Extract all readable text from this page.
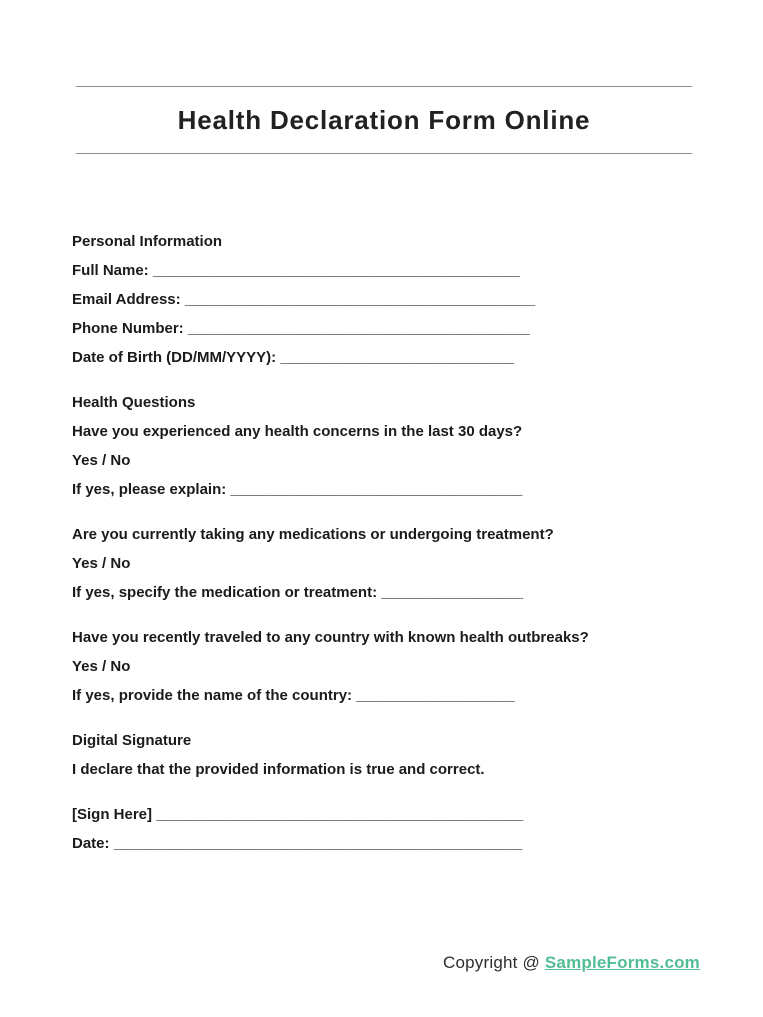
Health Declaration Form Online
Personal Information
Full Name: ____________________________________________
Email Address: __________________________________________
Phone Number: _________________________________________
Date of Birth (DD/MM/YYYY): ____________________________
Health Questions
Have you experienced any health concerns in the last 30 days?
Yes / No
If yes, please explain: ___________________________________
Are you currently taking any medications or undergoing treatment?
Yes / No
If yes, specify the medication or treatment: _________________
Have you recently traveled to any country with known health outbreaks?
Yes / No
If yes, provide the name of the country: ___________________
Digital Signature
I declare that the provided information is true and correct.
[Sign Here] ____________________________________________
Date: _________________________________________________
Copyright @ SampleForms.com
